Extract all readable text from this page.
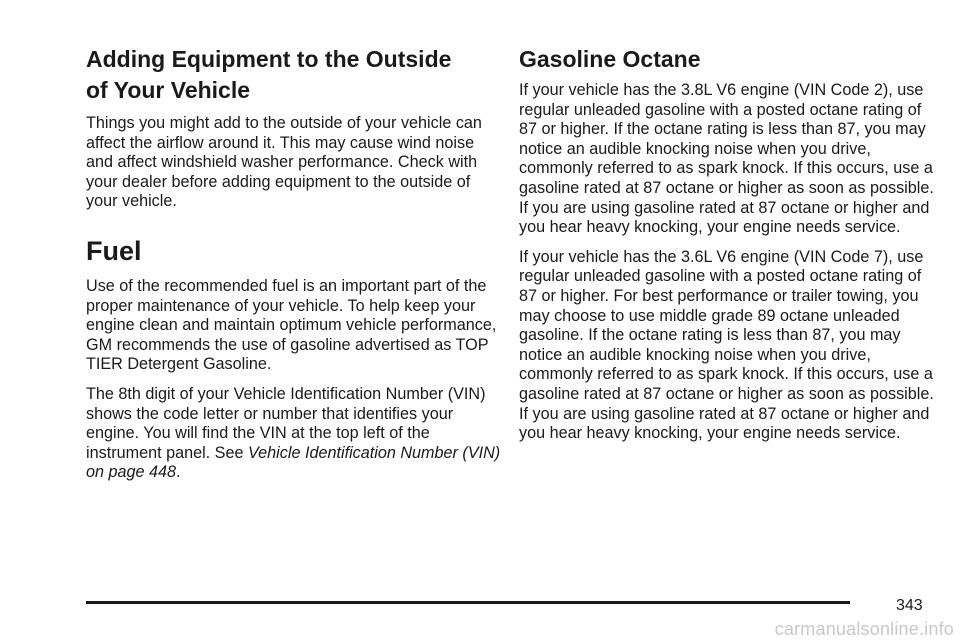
Adding Equipment to the Outside
of Your Vehicle

Things you might add to the outside of your vehicle can affect the airflow around it. This may cause wind noise and affect windshield washer performance. Check with your dealer before adding equipment to the outside of your vehicle.

Fuel

Use of the recommended fuel is an important part of the proper maintenance of your vehicle. To help keep your engine clean and maintain optimum vehicle performance, GM recommends the use of gasoline advertised as TOP TIER Detergent Gasoline.

The 8th digit of your Vehicle Identification Number (VIN) shows the code letter or number that identifies your engine. You will find the VIN at the top left of the instrument panel. See Vehicle Identification Number (VIN) on page 448.

Gasoline Octane

If your vehicle has the 3.8L V6 engine (VIN Code 2), use regular unleaded gasoline with a posted octane rating of 87 or higher. If the octane rating is less than 87, you may notice an audible knocking noise when you drive, commonly referred to as spark knock. If this occurs, use a gasoline rated at 87 octane or higher as soon as possible. If you are using gasoline rated at 87 octane or higher and you hear heavy knocking, your engine needs service.

If your vehicle has the 3.6L V6 engine (VIN Code 7), use regular unleaded gasoline with a posted octane rating of 87 or higher. For best performance or trailer towing, you may choose to use middle grade 89 octane unleaded gasoline. If the octane rating is less than 87, you may notice an audible knocking noise when you drive, commonly referred to as spark knock. If this occurs, use a gasoline rated at 87 octane or higher as soon as possible. If you are using gasoline rated at 87 octane or higher and you hear heavy knocking, your engine needs service.

343
carmanualsonline.info
